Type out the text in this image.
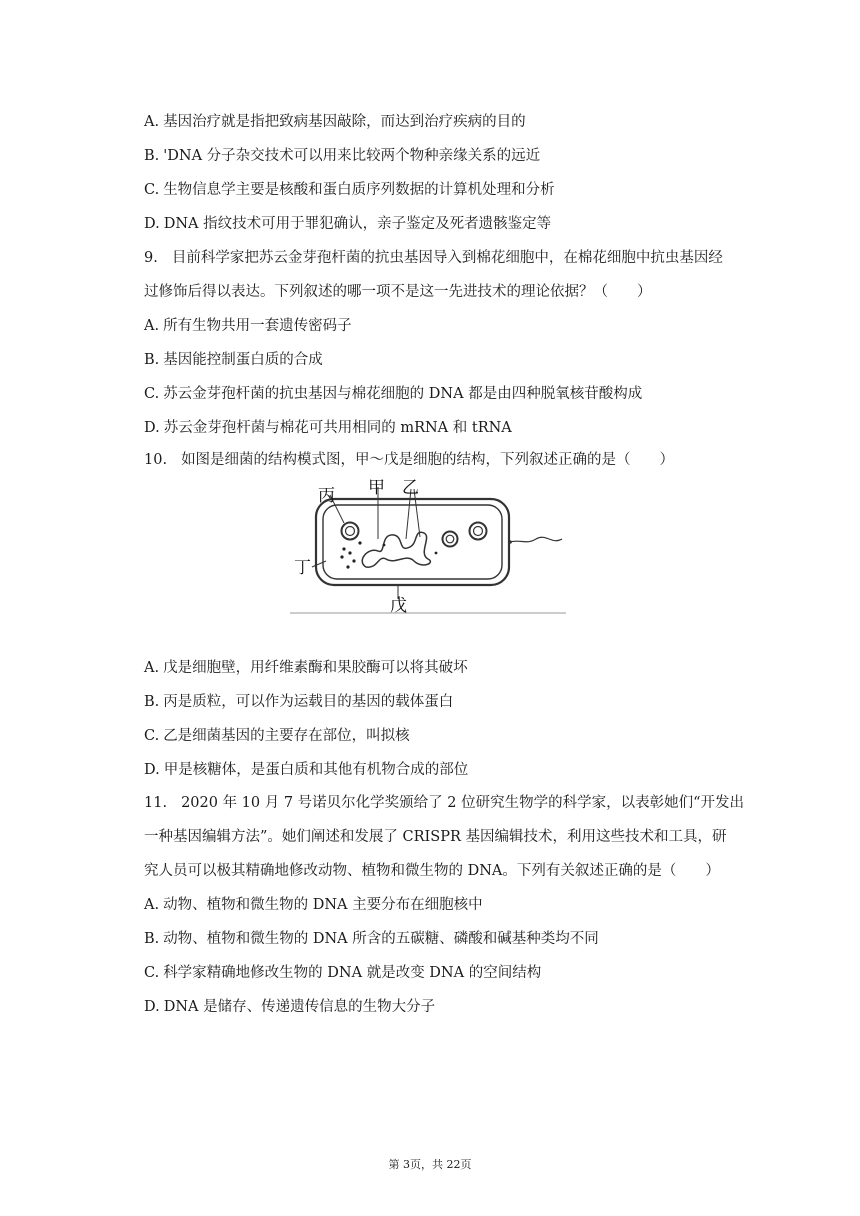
A. 基因治疗就是指把致病基因敲除，而达到治疗疾病的目的
B. 'DNA 分子杂交技术可以用来比较两个物种亲缘关系的远近
C. 生物信息学主要是核酸和蛋白质序列数据的计算机处理和分析
D. DNA 指纹技术可用于罪犯确认，亲子鉴定及死者遗骸鉴定等
9. 目前科学家把苏云金芽孢杆菌的抗虫基因导入到棉花细胞中，在棉花细胞中抗虫基因经
过修饰后得以表达。下列叙述的哪一项不是这一先进技术的理论依据？（　　）
A. 所有生物共用一套遗传密码子
B. 基因能控制蛋白质的合成
C. 苏云金芽孢杆菌的抗虫基因与棉花细胞的 DNA 都是由四种脱氧核苷酸构成
D. 苏云金芽孢杆菌与棉花可共用相同的 mRNA 和 tRNA
10. 如图是细菌的结构模式图，甲～戊是细胞的结构，下列叙述正确的是（　　）
丙 甲 乙
丁
戊
A. 戊是细胞壁，用纤维素酶和果胶酶可以将其破坏
B. 丙是质粒，可以作为运载目的基因的载体蛋白
C. 乙是细菌基因的主要存在部位，叫拟核
D. 甲是核糖体，是蛋白质和其他有机物合成的部位
11. 2020 年 10 月 7 号诺贝尔化学奖颁给了 2 位研究生物学的科学家，以表彰她们“开发出
一种基因编辑方法”。她们阐述和发展了 CRISPR 基因编辑技术，利用这些技术和工具，研
究人员可以极其精确地修改动物、植物和微生物的 DNA。下列有关叙述正确的是（　　）
A. 动物、植物和微生物的 DNA 主要分布在细胞核中
B. 动物、植物和微生物的 DNA 所含的五碳糖、磷酸和碱基种类均不同
C. 科学家精确地修改生物的 DNA 就是改变 DNA 的空间结构
D. DNA 是储存、传递遗传信息的生物大分子
第 3页，共 22页
